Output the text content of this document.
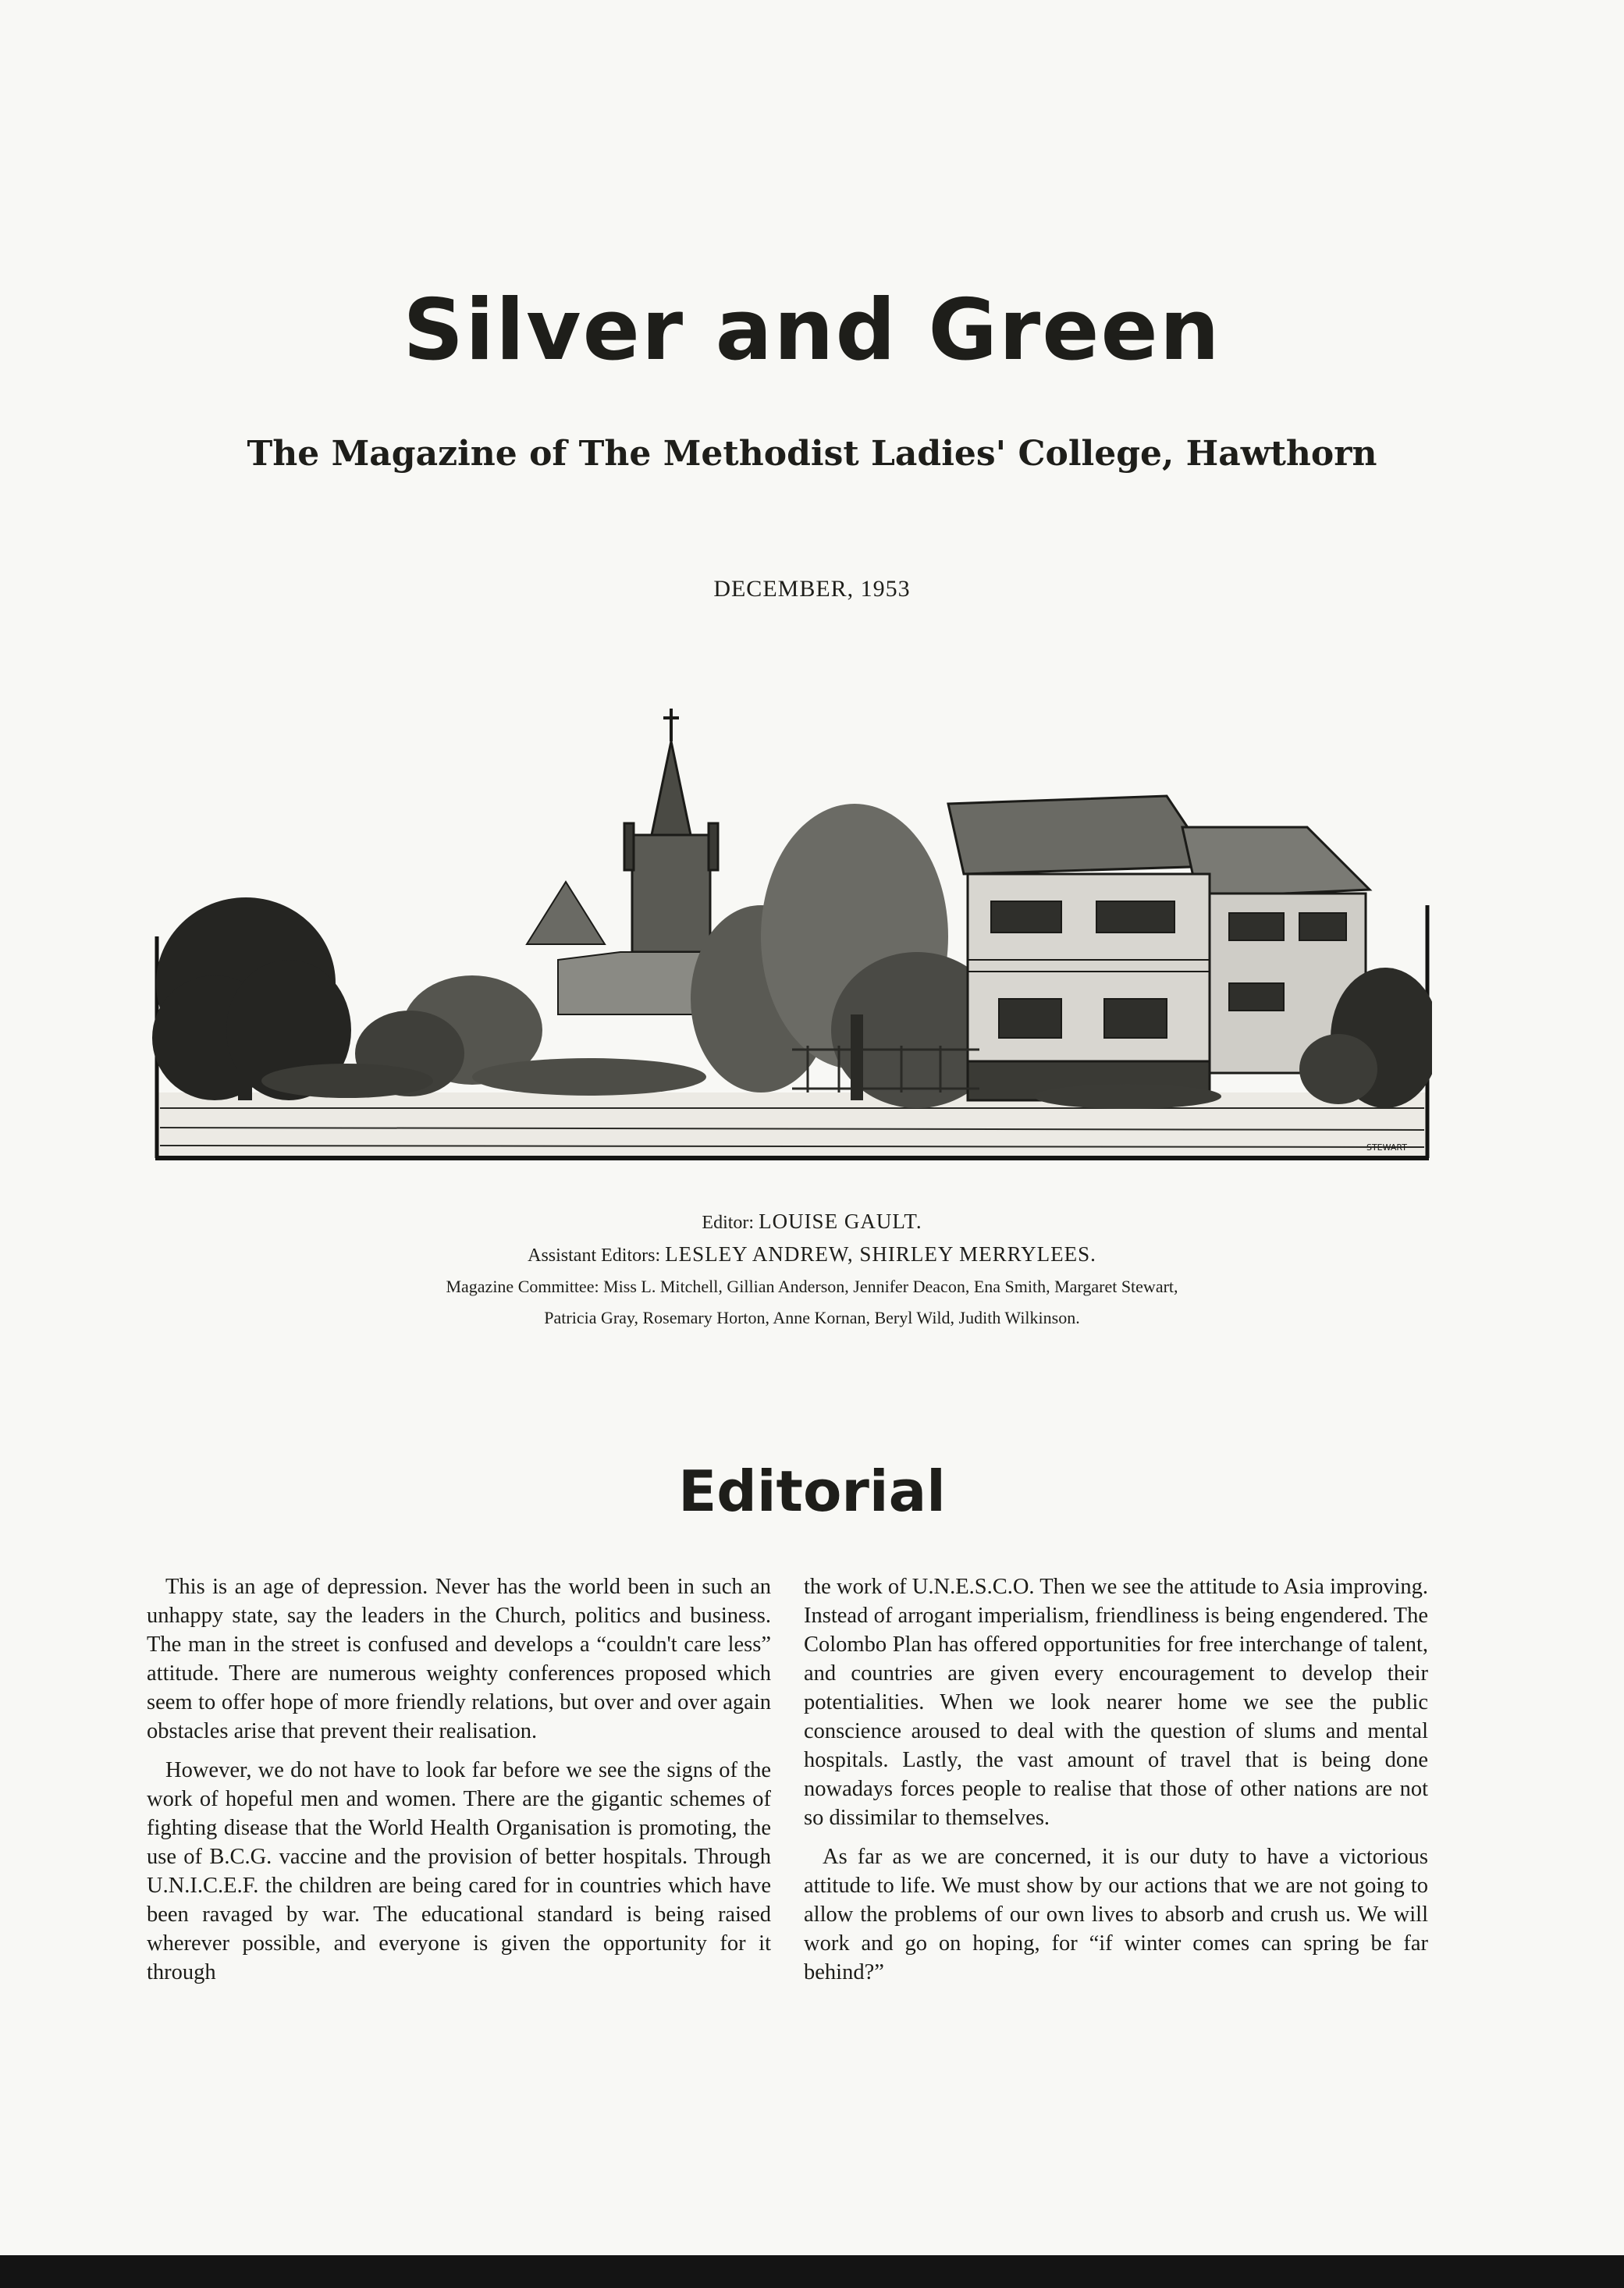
Silver and Green
The Magazine of The Methodist Ladies' College, Hawthorn
DECEMBER, 1953
STEWART
Editor: LOUISE GAULT.
Assistant Editors: LESLEY ANDREW, SHIRLEY MERRYLEES.
Magazine Committee: Miss L. Mitchell, Gillian Anderson, Jennifer Deacon, Ena Smith, Margaret Stewart,
Patricia Gray, Rosemary Horton, Anne Kornan, Beryl Wild, Judith Wilkinson.
Editorial

This is an age of depression. Never has the world been in such an unhappy state, say the leaders in the Church, politics and business. The man in the street is confused and develops a “couldn't care less” attitude. There are numerous weighty conferences proposed which seem to offer hope of more friendly relations, but over and over again obstacles arise that prevent their realisation.

However, we do not have to look far before we see the signs of the work of hopeful men and women. There are the gigantic schemes of fighting disease that the World Health Organisation is promoting, the use of B.C.G. vaccine and the provision of better hospitals. Through U.N.I.C.E.F. the children are being cared for in countries which have been ravaged by war. The educational standard is being raised wherever possible, and everyone is given the opportunity for it through

the work of U.N.E.S.C.O. Then we see the attitude to Asia improving. Instead of arrogant imperialism, friendliness is being engendered. The Colombo Plan has offered opportunities for free interchange of talent, and countries are given every encouragement to develop their potentialities. When we look nearer home we see the public conscience aroused to deal with the question of slums and mental hospitals. Lastly, the vast amount of travel that is being done nowadays forces people to realise that those of other nations are not so dissimilar to themselves.

As far as we are concerned, it is our duty to have a victorious attitude to life. We must show by our actions that we are not going to allow the problems of our own lives to absorb and crush us. We will work and go on hoping, for “if winter comes can spring be far behind?”
